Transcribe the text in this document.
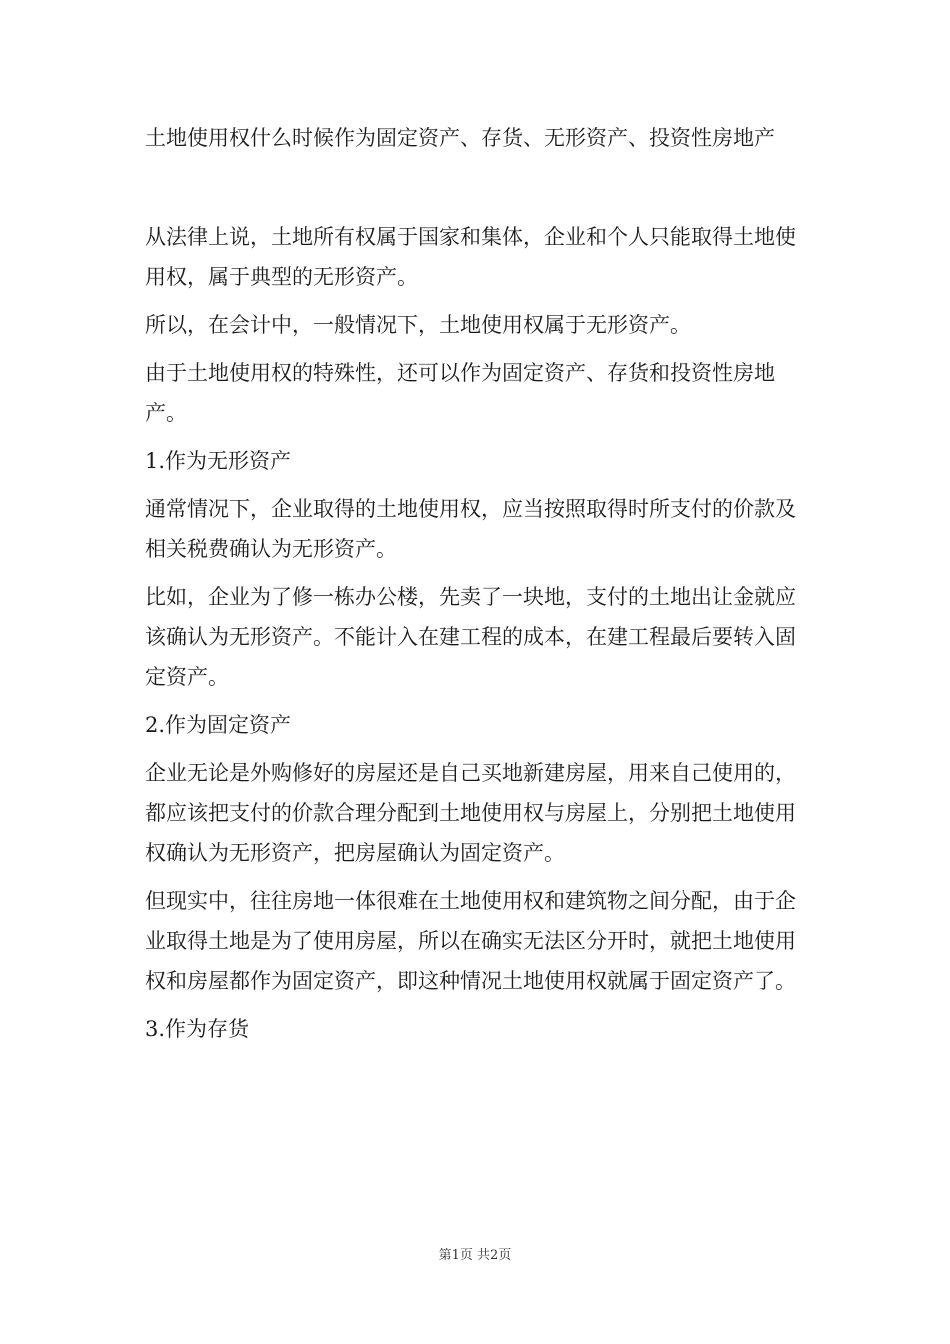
土地使用权什么时候作为固定资产、存货、无形资产、投资性房地产

从法律上说，土地所有权属于国家和集体，企业和个人只能取得土地使用权，属于典型的无形资产。

所以，在会计中，一般情况下，土地使用权属于无形资产。

由于土地使用权的特殊性，还可以作为固定资产、存货和投资性房地产。

1.作为无形资产

通常情况下，企业取得的土地使用权，应当按照取得时所支付的价款及相关税费确认为无形资产。

比如，企业为了修一栋办公楼，先卖了一块地，支付的土地出让金就应该确认为无形资产。不能计入在建工程的成本，在建工程最后要转入固定资产。

2.作为固定资产

企业无论是外购修好的房屋还是自己买地新建房屋，用来自己使用的，都应该把支付的价款合理分配到土地使用权与房屋上，分别把土地使用权确认为无形资产，把房屋确认为固定资产。

但现实中，往往房地一体很难在土地使用权和建筑物之间分配，由于企业取得土地是为了使用房屋，所以在确实无法区分开时，就把土地使用权和房屋都作为固定资产，即这种情况土地使用权就属于固定资产了。

3.作为存货

第1页 共2页
